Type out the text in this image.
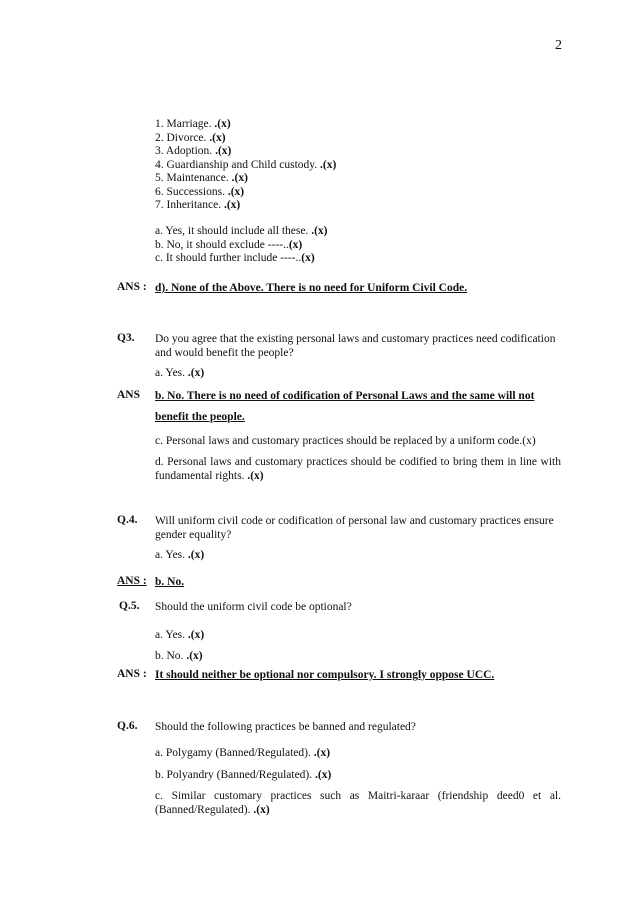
2
1. Marriage. .(x)
2. Divorce. .(x)
3. Adoption. .(x)
4. Guardianship and Child custody. .(x)
5. Maintenance. .(x)
6. Successions. .(x)
7. Inheritance. .(x)
a. Yes, it should include all these. .(x)
b. No, it should exclude ----..(x)
c. It should further include ----..(x)
ANS : d). None of the Above. There is no need for Uniform Civil Code.
Q3. Do you agree that the existing personal laws and customary practices need codification and would benefit the people?
a. Yes. .(x)
ANS b. No. There is no need of codification of Personal Laws and the same will not
benefit the people.
c. Personal laws and customary practices should be replaced by a uniform code.(x)
d. Personal laws and customary practices should be codified to bring them in line with fundamental rights. .(x)
Q.4. Will uniform civil code or codification of personal law and customary practices ensure gender equality?
a. Yes. .(x)
ANS : b. No.
Q.5. Should the uniform civil code be optional?
a. Yes. .(x)
b. No. .(x)
ANS : It should neither be optional nor compulsory. I strongly oppose UCC.
Q.6. Should the following practices be banned and regulated?
a. Polygamy (Banned/Regulated). .(x)
b. Polyandry (Banned/Regulated). .(x)
c. Similar customary practices such as Maitri-karaar (friendship deed0 et al. (Banned/Regulated). .(x)
